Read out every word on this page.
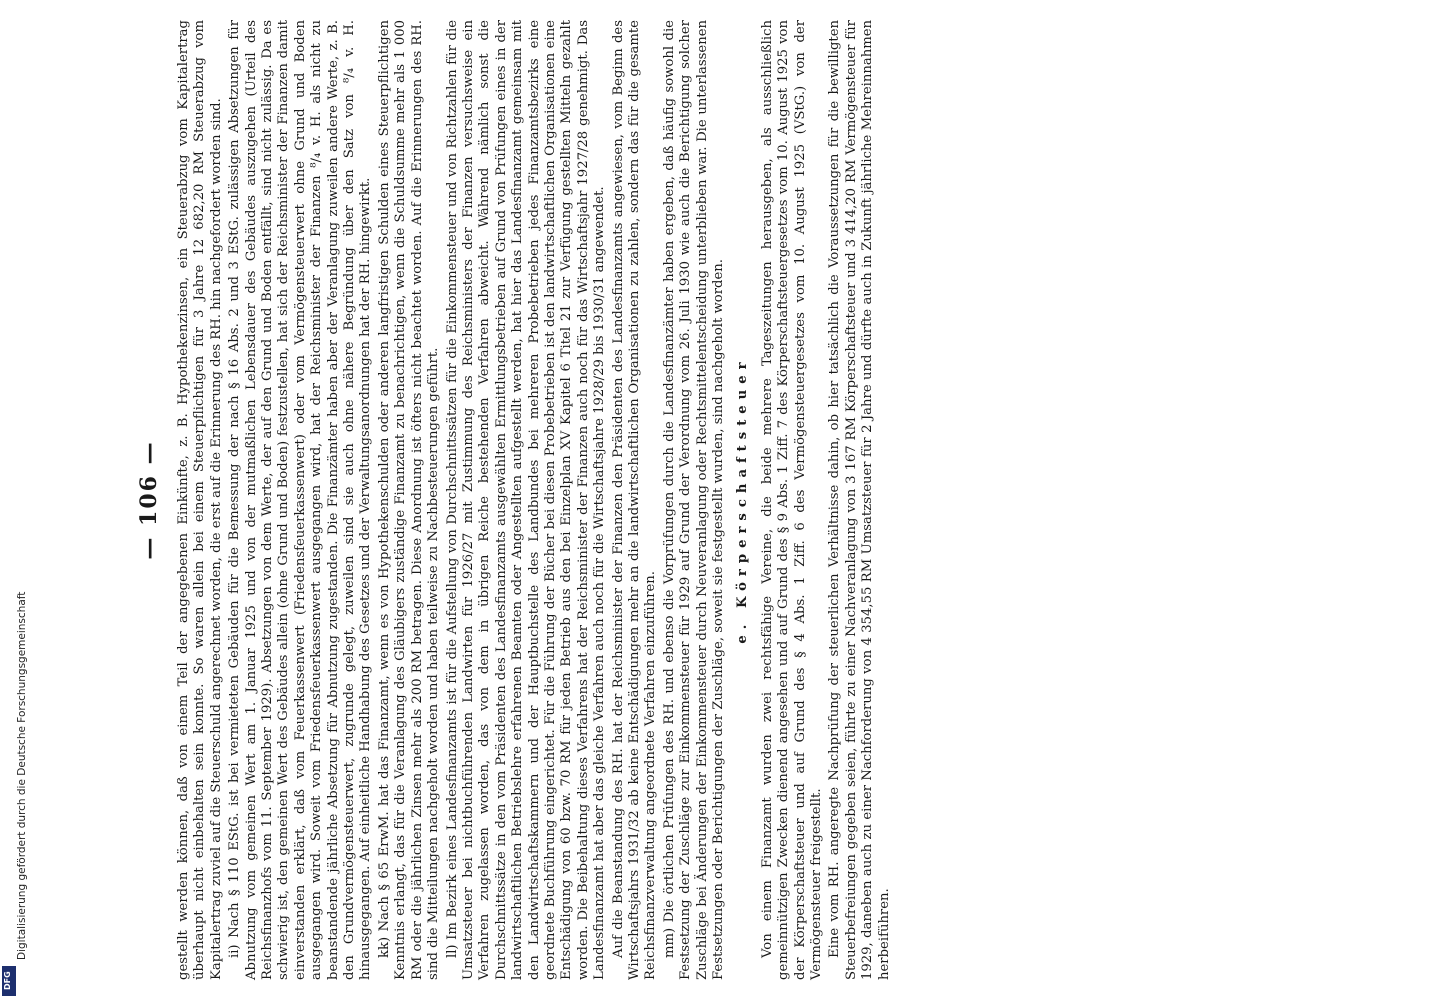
Digitalisierung gefördert durch die Deutsche Forschungsgemeinschaft
DFG
— 106 — gestellt werden können, daß von einem Teil der angegebenen Einkünfte, z. B. Hypothekenzinsen, ein Steuerabzug vom Kapitalertrag überhaupt nicht einbehalten sein konnte. So waren allein bei einem Steuerpflichtigen für 3 Jahre 12 682,20 RM Steuerabzug vom Kapitalertrag zuviel auf die Steuerschuld angerechnet worden, die erst auf die Erinnerung des RH. hin nachgefordert worden sind. ii) Nach § 110 EStG. ist bei vermieteten Gebäuden für die Bemessung der nach § 16 Abs. 2 und 3 EStG. zulässigen Absetzungen für Abnutzung vom gemeinen Wert am 1. Januar 1925 und von der mutmaßlichen Lebensdauer des Gebäudes auszugehen (Urteil des Reichsfinanzhofs vom 11. September 1929). Absetzungen von dem Werte, der auf den Grund und Boden entfällt, sind nicht zulässig. Da es schwierig ist, den gemeinen Wert des Gebäudes allein (ohne Grund und Boden) festzustellen, hat sich der Reichsminister der Finanzen damit einverstanden erklärt, daß vom Feuerkassenwert (Friedensfeuerkassenwert) oder vom Vermögensteuerwert ohne Grund und Boden ausgegangen wird. Soweit vom Friedensfeuerkassenwert ausgegangen wird, hat der Reichsminister der Finanzen ⁸/₄ v. H. als nicht zu beanstandende jährliche Absetzung für Abnutzung zugestanden. Die Finanzämter haben aber der Veranlagung zuweilen andere Werte, z. B. den Grundvermögensteuerwert, zugrunde gelegt, zuweilen sind sie auch ohne nähere Begründung über den Satz von ⁸/₄ v. H. hinausgegangen. Auf einheitliche Handhabung des Gesetzes und der Verwaltungsanordnungen hat der RH. hingewirkt. kk) Nach § 65 ErwM. hat das Finanzamt, wenn es von Hypothekenschulden oder anderen langfristigen Schulden eines Steuerpflichtigen Kenntnis erlangt, das für die Veranlagung des Gläubigers zuständige Finanzamt zu benachrichtigen, wenn die Schuldsumme mehr als 1 000 RM oder die jährlichen Zinsen mehr als 200 RM betragen. Diese Anordnung ist öfters nicht beachtet worden. Auf die Erinnerungen des RH. sind die Mitteilungen nachgeholt worden und haben teilweise zu Nachbesteuerungen geführt. ll) Im Bezirk eines Landesfinanzamts ist für die Aufstellung von Durchschnittssätzen für die Einkommensteuer und von Richtzahlen für die Umsatzsteuer bei nichtbuchführenden Landwirten für 1926/27 mit Zustimmung des Reichsministers der Finanzen versuchsweise ein Verfahren zugelassen worden, das von dem in übrigen Reiche bestehenden Verfahren abweicht. Während nämlich sonst die Durchschnittssätze in den vom Präsidenten des Landesfinanzamts ausgewählten Ermittlungsbetrieben auf Grund von Prüfungen eines in der landwirtschaftlichen Betriebslehre erfahrenen Beamten oder Angestellten aufgestellt werden, hat hier das Landesfinanzamt gemeinsam mit den Landwirtschaftskammern und der Hauptbuchstelle des Landbundes bei mehreren Probebetrieben jedes Finanzamtsbezirks eine geordnete Buchführung eingerichtet. Für die Führung der Bücher bei diesen Probebetrieben ist den landwirtschaftlichen Organisationen eine Entschädigung von 60 bzw. 70 RM für jeden Betrieb aus den bei Einzelplan XV Kapitel 6 Titel 21 zur Verfügung gestellten Mitteln gezahlt worden. Die Beibehaltung dieses Verfahrens hat der Reichsminister der Finanzen auch noch für das Wirtschaftsjahr 1927/28 genehmigt. Das Landesfinanzamt hat aber das gleiche Verfahren auch noch für die Wirtschaftsjahre 1928/29 bis 1930/31 angewendet. Auf die Beanstandung des RH. hat der Reichsminister der Finanzen den Präsidenten des Landesfinanzamts angewiesen, vom Beginn des Wirtschaftsjahrs 1931/32 ab keine Entschädigungen mehr an die landwirtschaftlichen Organisationen zu zahlen, sondern das für die gesamte Reichsfinanzverwaltung angeordnete Verfahren einzuführen. mm) Die örtlichen Prüfungen des RH. und ebenso die Vorprüfungen durch die Landesfinanzämter haben ergeben, daß häufig sowohl die Festsetzung der Zuschläge zur Einkommensteuer für 1929 auf Grund der Verordnung vom 26. Juli 1930 wie auch die Berichtigung solcher Zuschläge bei Änderungen der Einkommensteuer durch Neuveranlagung oder Rechtsmittelentscheidung unterblieben war. Die unterlassenen Festsetzungen oder Berichtigungen der Zuschläge, soweit sie festgestellt wurden, sind nachgeholt worden. e. Körperschaftsteuer Von einem Finanzamt wurden zwei rechtsfähige Vereine, die beide mehrere Tageszeitungen herausgeben, als ausschließlich gemeinnützigen Zwecken dienend angesehen und auf Grund des § 9 Abs. 1 Ziff. 7 des Körperschaftsteuergesetzes vom 10. August 1925 von der Körperschaftsteuer und auf Grund des § 4 Abs. 1 Ziff. 6 des Vermögensteuergesetzes vom 10. August 1925 (VStG.) von der Vermögensteuer freigestellt. Eine vom RH. angeregte Nachprüfung der steuerlichen Verhältnisse dahin, ob hier tatsächlich die Voraussetzungen für die bewilligten Steuerbefreiungen gegeben seien, führte zu einer Nachveranlagung von 3 167 RM Körperschaftsteuer und 3 414,20 RM Vermögensteuer für 1929, daneben auch zu einer Nachforderung von 4 354,55 RM Umsatzsteuer für 2 Jahre und dürfte auch in Zukunft jährliche Mehreinnahmen herbeiführen.
